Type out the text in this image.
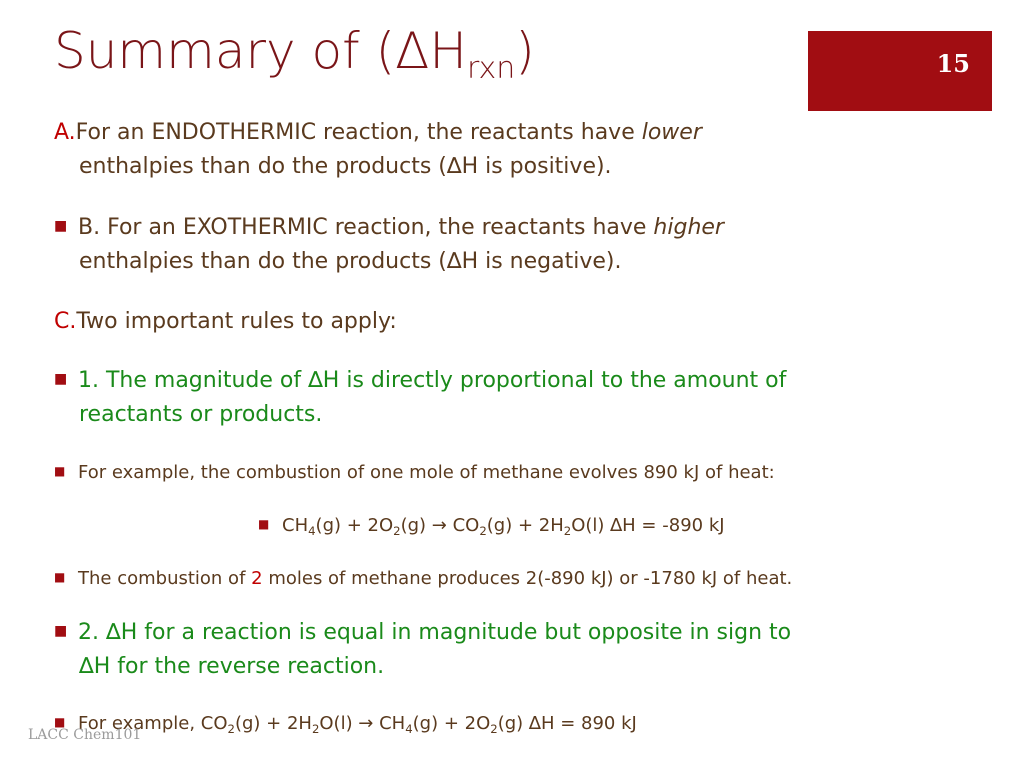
Summary of $(\Delta H_{rxn})$	15
A.For an ENDOTHERMIC reaction, the reactants have lower
enthalpies than do the products (∆H is positive).
■ B. For an EXOTHERMIC reaction, the reactants have higher
enthalpies than do the products (∆H is negative).
C.Two important rules to apply:
■ 1. The magnitude of ∆H is directly proportional to the amount of
reactants or products.
■ For example, the combustion of one mole of methane evolves 890 kJ of heat:
■ $CH_4(g) + 2O_2(g) \to CO_2(g) + 2H_2O(l) \Delta H = -890$ kJ
■ The combustion of 2 moles of methane produces 2(-890 kJ) or -1780 kJ of heat.
■ 2. ∆H for a reaction is equal in magnitude but opposite in sign to
∆H for the reverse reaction.
■ For example, $CO_2(g) + 2H_2O(l) \to CH_4(g) + 2O_2(g) \Delta H = 890$ kJ
LACC Chem101
